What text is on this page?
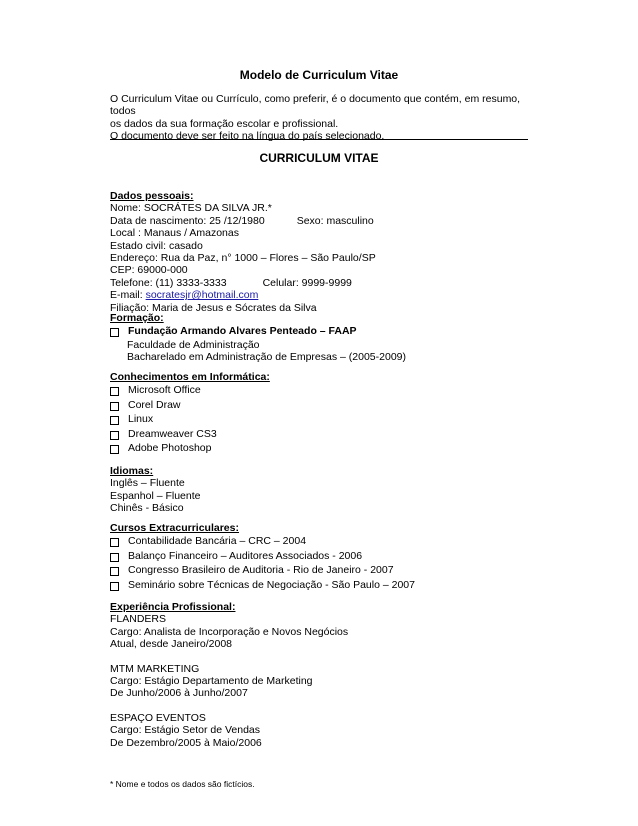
Modelo de Curriculum Vitae
O Curriculum Vitae ou Currículo, como preferir, é o documento que contém, em resumo, todos
os dados da sua formação escolar e profissional.
O documento deve ser feito na língua do país selecionado.
CURRICULUM VITAE
Dados pessoais:
Nome: SOCRÁTES DA SILVA JR.*
Data de nascimento: 25 /12/1980	Sexo: masculino
Local : Manaus / Amazonas
Estado civil: casado
Endereço: Rua da Paz, n° 1000 – Flores – São Paulo/SP
CEP: 69000-000
Telefone: (11) 3333-3333	Celular: 9999-9999
E-mail: socratesjr@hotmail.com
Filiação: Maria de Jesus e Sócrates da Silva
Formação:
Fundação Armando Alvares Penteado – FAAP
Faculdade de Administração
Bacharelado em Administração de Empresas – (2005-2009)
Conhecimentos em Informática:
Microsoft Office
Corel Draw
Linux
Dreamweaver CS3
Adobe Photoshop
Idiomas:
Inglês – Fluente
Espanhol – Fluente
Chinês - Básico
Cursos Extracurriculares:
Contabilidade Bancária – CRC – 2004
Balanço Financeiro – Auditores Associados - 2006
Congresso Brasileiro de Auditoria - Rio de Janeiro - 2007
Seminário sobre Técnicas de Negociação - São Paulo – 2007
Experiência Profissional:
FLANDERS
Cargo: Analista de Incorporação e Novos Negócios
Atual, desde Janeiro/2008
MTM MARKETING
Cargo: Estágio Departamento de Marketing
De Junho/2006 à Junho/2007
ESPAÇO EVENTOS
Cargo: Estágio Setor de Vendas
De Dezembro/2005 à Maio/2006
* Nome e todos os dados são fictícios.
